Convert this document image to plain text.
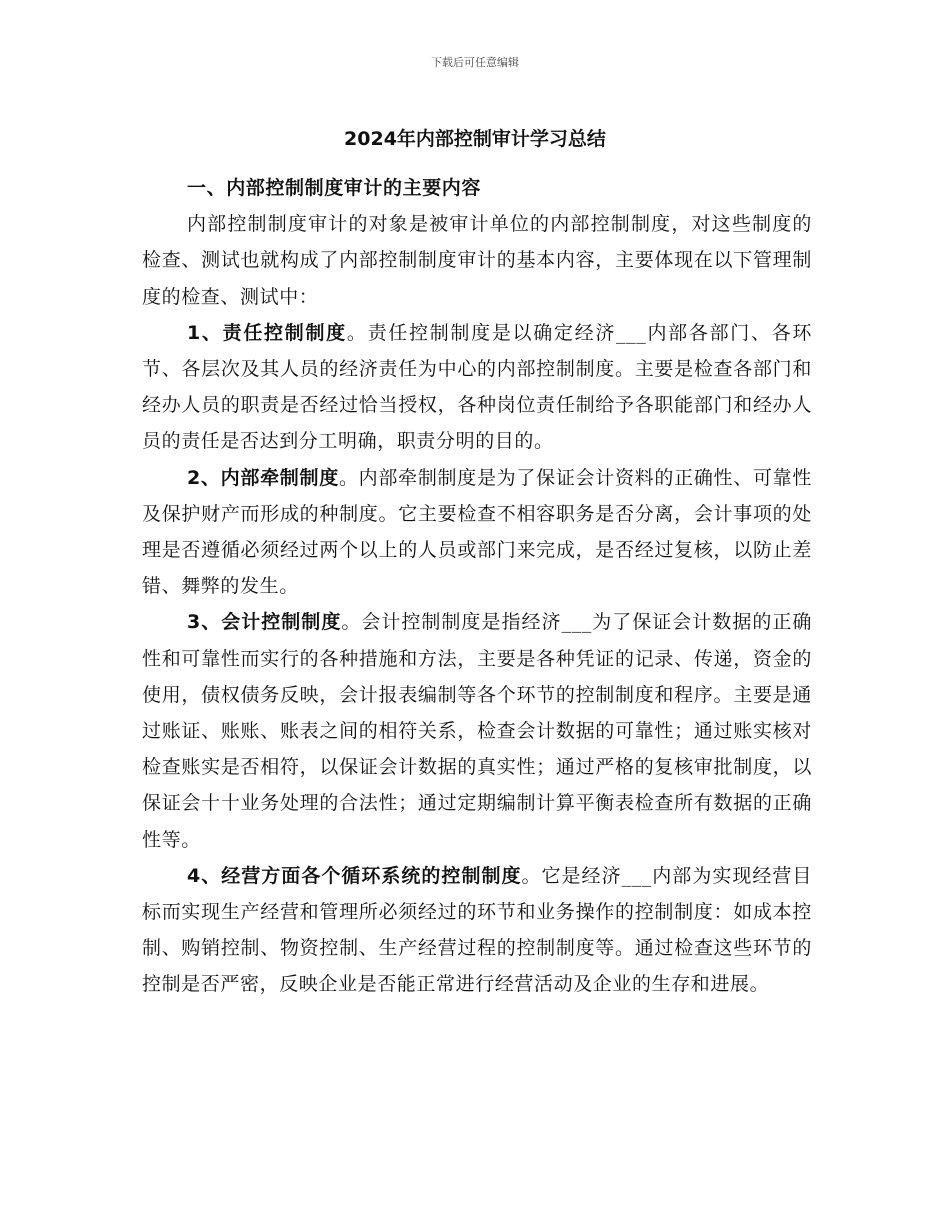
下载后可任意编辑
2024年内部控制审计学习总结

一、内部控制制度审计的主要内容

内部控制制度审计的对象是被审计单位的内部控制制度，对这些制度的检查、测试也就构成了内部控制制度审计的基本内容，主要体现在以下管理制度的检查、测试中：

1、责任控制制度。责任控制制度是以确定经济___内部各部门、各环节、各层次及其人员的经济责任为中心的内部控制制度。主要是检查各部门和经办人员的职责是否经过恰当授权，各种岗位责任制给予各职能部门和经办人员的责任是否达到分工明确，职责分明的目的。

2、内部牵制制度。内部牵制制度是为了保证会计资料的正确性、可靠性及保护财产而形成的种制度。它主要检查不相容职务是否分离，会计事项的处理是否遵循必须经过两个以上的人员或部门来完成，是否经过复核，以防止差错、舞弊的发生。

3、会计控制制度。会计控制制度是指经济___为了保证会计数据的正确性和可靠性而实行的各种措施和方法，主要是各种凭证的记录、传递，资金的使用，债权债务反映，会计报表编制等各个环节的控制制度和程序。主要是通过账证、账账、账表之间的相符关系，检查会计数据的可靠性；通过账实核对检查账实是否相符，以保证会计数据的真实性；通过严格的复核审批制度，以保证会十十业务处理的合法性；通过定期编制计算平衡表检查所有数据的正确性等。

4、经营方面各个循环系统的控制制度。它是经济___内部为实现经营目标而实现生产经营和管理所必须经过的环节和业务操作的控制制度：如成本控制、购销控制、物资控制、生产经营过程的控制制度等。通过检查这些环节的控制是否严密，反映企业是否能正常进行经营活动及企业的生存和进展。
